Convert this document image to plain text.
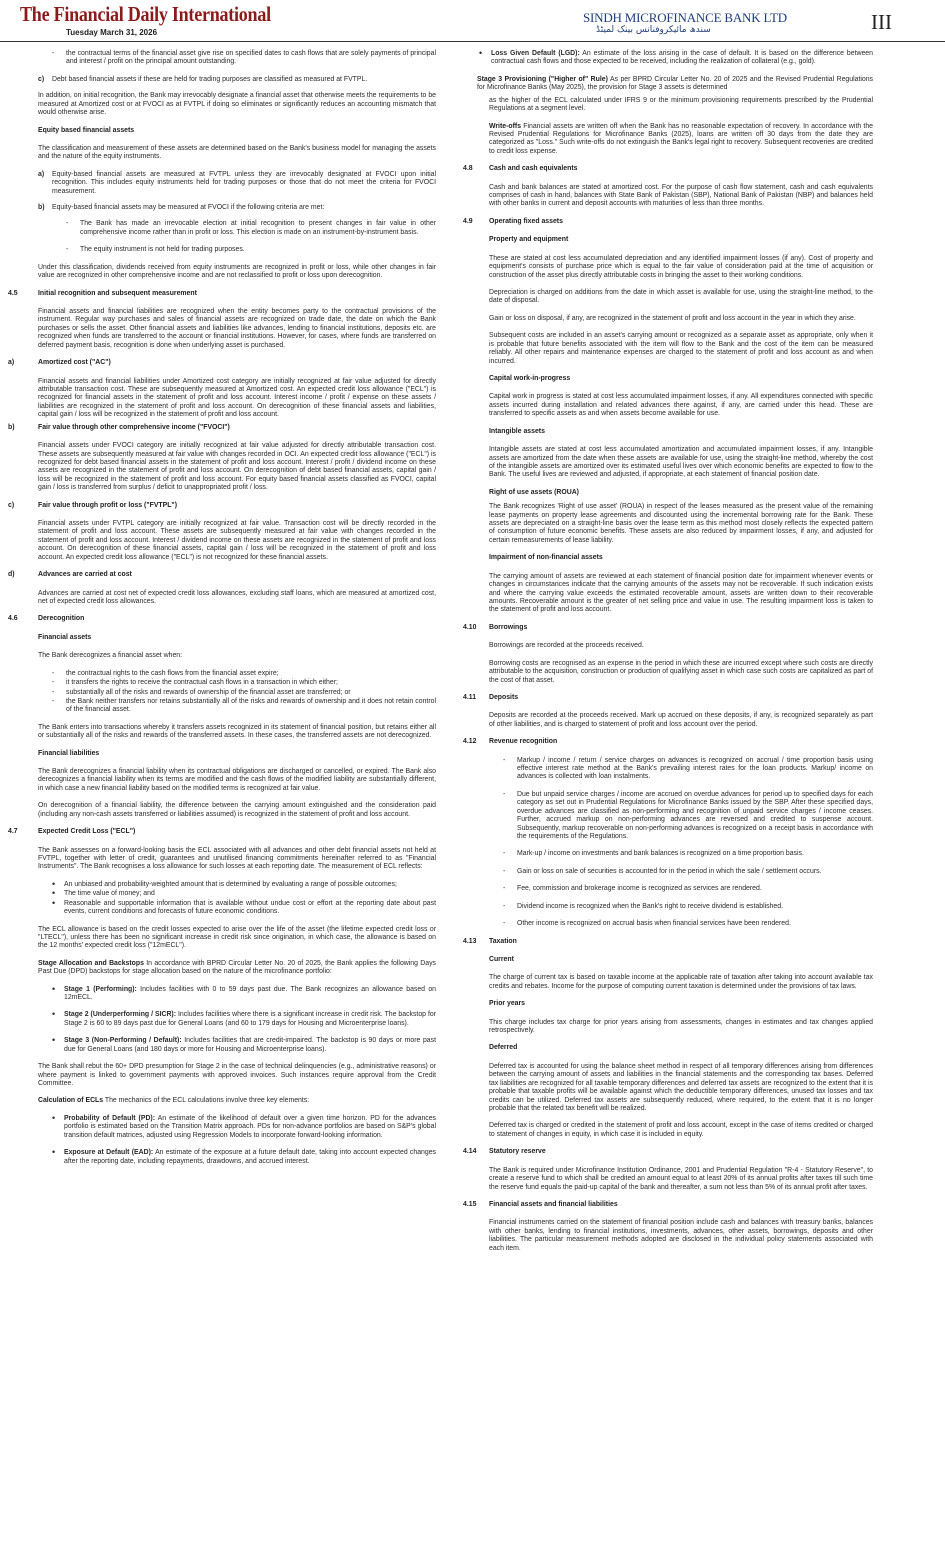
The Financial Daily International
Tuesday March 31, 2026
SINDH MICROFINANCE BANK LTD
سندھ مائیکروفنانس بینک لمیٹڈ	III
-	the contractual terms of the financial asset give rise on specified dates to cash flows that are solely payments of principal and interest / profit on the principal amount outstanding.
c)	Debt based financial assets if these are held for trading purposes are classified as measured at FVTPL.
In addition, on initial recognition, the Bank may irrevocably designate a financial asset that otherwise meets the requirements to be measured at Amortized cost or at FVOCI as at FVTPL if doing so eliminates or significantly reduces an accounting mismatch that would otherwise arise.
Equity based financial assets
The classification and measurement of these assets are determined based on the Bank's business model for managing the assets and the nature of the equity instruments.
a)	Equity-based financial assets are measured at FVTPL unless they are irrevocably designated at FVOCI upon initial recognition. This includes equity instruments held for trading purposes or those that do not meet the criteria for FVOCI measurement.
b)	Equity-based financial assets may be measured at FVOCI if the following criteria are met:
-	The Bank has made an irrevocable election at initial recognition to present changes in fair value in other comprehensive income rather than in profit or loss. This election is made on an instrument-by-instrument basis.
-	The equity instrument is not held for trading purposes.
Under this classification, dividends received from equity instruments are recognized in profit or loss, while other changes in fair value are recognized in other comprehensive income and are not reclassified to profit or loss upon derecognition.
4.5	Initial recognition and subsequent measurement
Financial assets and financial liabilities are recognized when the entity becomes party to the contractual provisions of the instrument. Regular way purchases and sales of financial assets are recognized on trade date, the date on which the Bank purchases or sells the asset. Other financial assets and liabilities like advances, lending to financial institutions, deposits etc. are recognized when funds are transferred to the account or financial institutions. However, for cases, where funds are transferred on deferred payment basis, recognition is done when underlying asset is purchased.
a)	Amortized cost ("AC")
Financial assets and financial liabilities under Amortized cost category are initially recognized at fair value adjusted for directly attributable transaction cost. These are subsequently measured at Amortized cost. An expected credit loss allowance ("ECL") is recognized for financial assets in the statement of profit and loss account. Interest income / profit / expense on these assets / liabilities are recognized in the statement of profit and loss account. On derecognition of these financial assets and liabilities, capital gain / loss will be recognized in the statement of profit and loss account.
b)	Fair value through other comprehensive income ("FVOCI")
Financial assets under FVOCI category are initially recognized at fair value adjusted for directly attributable transaction cost. These assets are subsequently measured at fair value with changes recorded in OCI. An expected credit loss allowance ("ECL") is recognized for debt based financial assets in the statement of profit and loss account. Interest / profit / dividend income on these assets are recognized in the statement of profit and loss account. On derecognition of debt based financial assets, capital gain / loss will be recognized in the statement of profit and loss account. For equity based financial assets classified as FVOCI, capital gain / loss is transferred from surplus / deficit to unappropriated profit / loss.
c)	Fair value through profit or loss ("FVTPL")
Financial assets under FVTPL category are initially recognized at fair value. Transaction cost will be directly recorded in the statement of profit and loss account. These assets are subsequently measured at fair value with changes recorded in the statement of profit and loss account. Interest / dividend income on these assets are recognized in the statement of profit and loss account. On derecognition of these financial assets, capital gain / loss will be recognized in the statement of profit and loss account. An expected credit loss allowance ("ECL") is not recognized for these financial assets.
d)	Advances are carried at cost
Advances are carried at cost net of expected credit loss allowances, excluding staff loans, which are measured at amortized cost, net of expected credit loss allowances.
4.6	Derecognition
Financial assets
The Bank derecognizes a financial asset when:
-	the contractual rights to the cash flows from the financial asset expire;
-	it transfers the rights to receive the contractual cash flows in a transaction in which either;
-	substantially all of the risks and rewards of ownership of the financial asset are transferred; or
-	the Bank neither transfers nor retains substantially all of the risks and rewards of ownership and it does not retain control of the financial asset.
The Bank enters into transactions whereby it transfers assets recognized in its statement of financial position, but retains either all or substantially all of the risks and rewards of the transferred assets. In these cases, the transferred assets are not derecognized.
Financial liabilities
The Bank derecognizes a financial liability when its contractual obligations are discharged or cancelled, or expired. The Bank also derecognizes a financial liability when its terms are modified and the cash flows of the modified liability are substantially different, in which case a new financial liability based on the modified terms is recognized at fair value.
On derecognition of a financial liability, the difference between the carrying amount extinguished and the consideration paid (including any non-cash assets transferred or liabilities assumed) is recognized in the statement of profit and loss account.
4.7	Expected Credit Loss ("ECL")
The Bank assesses on a forward-looking basis the ECL associated with all advances and other debt financial assets not held at FVTPL, together with letter of credit, guarantees and unutilised financing commitments hereinafter referred to as "Financial Instruments". The Bank recognises a loss allowance for such losses at each reporting date. The measurement of ECL reflects:
•	An unbiased and probability-weighted amount that is determined by evaluating a range of possible outcomes;
•	The time value of money; and
•	Reasonable and supportable information that is available without undue cost or effort at the reporting date about past events, current conditions and forecasts of future economic conditions.
The ECL allowance is based on the credit losses expected to arise over the life of the asset (the lifetime expected credit loss or "LTECL"), unless there has been no significant increase in credit risk since origination, in which case, the allowance is based on the 12 months' expected credit loss ("12mECL").
Stage Allocation and Backstops In accordance with BPRD Circular Letter No. 20 of 2025, the Bank applies the following Days Past Due (DPD) backstops for stage allocation based on the nature of the microfinance portfolio:
•	Stage 1 (Performing): Includes facilities with 0 to 59 days past due. The Bank recognizes an allowance based on 12mECL.
•	Stage 2 (Underperforming / SICR): Includes facilities where there is a significant increase in credit risk. The backstop for Stage 2 is 60 to 89 days past due for General Loans (and 60 to 179 days for Housing and Microenterprise loans).
•	Stage 3 (Non-Performing / Default): Includes facilities that are credit-impaired. The backstop is 90 days or more past due for General Loans (and 180 days or more for Housing and Microenterprise loans).
The Bank shall rebut the 60+ DPD presumption for Stage 2 in the case of technical delinquencies (e.g., administrative reasons) or where payment is linked to government payments with approved invoices. Such instances require approval from the Credit Committee.
Calculation of ECLs The mechanics of the ECL calculations involve three key elements:
•	Probability of Default (PD): An estimate of the likelihood of default over a given time horizon. PD for the advances portfolio is estimated based on the Transition Matrix approach. PDs for non-advance portfolios are based on S&P's global transition default matrices, adjusted using Regression Models to incorporate forward-looking information.
•	Exposure at Default (EAD): An estimate of the exposure at a future default date, taking into account expected changes after the reporting date, including repayments, drawdowns, and accrued interest.
•	Loss Given Default (LGD): An estimate of the loss arising in the case of default. It is based on the difference between contractual cash flows and those expected to be received, including the realization of collateral (e.g., gold).
Stage 3 Provisioning ("Higher of" Rule) As per BPRD Circular Letter No. 20 of 2025 and the Revised Prudential Regulations for Microfinance Banks (May 2025), the provision for Stage 3 assets is determined
as the higher of the ECL calculated under IFRS 9 or the minimum provisioning requirements prescribed by the Prudential Regulations at a segment level.
Write-offs Financial assets are written off when the Bank has no reasonable expectation of recovery. In accordance with the Revised Prudential Regulations for Microfinance Banks (2025), loans are written off 30 days from the date they are categorized as "Loss." Such write-offs do not extinguish the Bank's legal right to recovery. Subsequent recoveries are credited to credit loss expense.
4.8	Cash and cash equivalents
Cash and bank balances are stated at amortized cost. For the purpose of cash flow statement, cash and cash equivalents comprises of cash in hand, balances with State Bank of Pakistan (SBP), National Bank of Pakistan (NBP) and balances held with other banks in current and deposit accounts with maturities of less than three months.
4.9	Operating fixed assets
Property and equipment
These are stated at cost less accumulated depreciation and any identified impairment losses (if any). Cost of property and equipment's consists of purchase price which is equal to the fair value of consideration paid at the time of acquisition or construction of the asset plus directly attributable costs in bringing the asset to their working conditions.
Depreciation is charged on additions from the date in which asset is available for use, using the straight-line method, to the date of disposal.
Gain or loss on disposal, if any, are recognized in the statement of profit and loss account in the year in which they arise.
Subsequent costs are included in an asset's carrying amount or recognized as a separate asset as appropriate, only when it is probable that future benefits associated with the item will flow to the Bank and the cost of the item can be measured reliably. All other repairs and maintenance expenses are charged to the statement of profit and loss account as and when incurred.
Capital work-in-progress
Capital work in progress is stated at cost less accumulated impairment losses, if any. All expenditures connected with specific assets incurred during installation and related advances there against, if any, are carried under this head. These are transferred to specific assets as and when assets become available for use.
Intangible assets
Intangible assets are stated at cost less accumulated amortization and accumulated impairment losses, if any. Intangible assets are amortized from the date when these assets are available for use, using the straight-line method, whereby the cost of the intangible assets are amortized over its estimated useful lives over which economic benefits are expected to flow to the Bank. The useful lives are reviewed and adjusted, if appropriate, at each statement of financial position date.
Right of use assets (ROUA)
The Bank recognizes 'Right of use asset' (ROUA) in respect of the leases measured as the present value of the remaining lease payments on property lease agreements and discounted using the incremental borrowing rate for the Bank. These assets are depreciated on a straight-line basis over the lease term as this method most closely reflects the expected pattern of consumption of future economic benefits. These assets are also reduced by impairment losses, if any, and adjusted for certain remeasurements of lease liability.
Impairment of non-financial assets
The carrying amount of assets are reviewed at each statement of financial position date for impairment whenever events or changes in circumstances indicate that the carrying amounts of the assets may not be recoverable. If such indication exists and where the carrying value exceeds the estimated recoverable amount, assets are written down to their recoverable amounts. Recoverable amount is the greater of net selling price and value in use. The resulting impairment loss is taken to the statement of profit and loss account.
4.10	Borrowings
Borrowings are recorded at the proceeds received.
Borrowing costs are recognised as an expense in the period in which these are incurred except where such costs are directly attributable to the acquisition, construction or production of qualifying asset in which case such costs are capitalized as part of the cost of that asset.
4.11	Deposits
Deposits are recorded at the proceeds received. Mark up accrued on these deposits, if any, is recognized separately as part of other liabilities, and is charged to statement of profit and loss account over the period.
4.12	Revenue recognition
-	Markup / income / return / service charges on advances is recognized on accrual / time proportion basis using effective interest rate method at the Bank's prevailing interest rates for the loan products. Markup/ income on advances is collected with loan instalments.
-	Due but unpaid service charges / income are accrued on overdue advances for period up to specified days for each category as set out in Prudential Regulations for Microfinance Banks issued by the SBP. After these specified days, overdue advances are classified as non-performing and recognition of unpaid service charges / income ceases. Further, accrued markup on non-performing advances are reversed and credited to suspense account. Subsequently, markup recoverable on non-performing advances is recognized on a receipt basis in accordance with the requirements of the Regulations.
-	Mark-up / income on investments and bank balances is recognized on a time proportion basis.
-	Gain or loss on sale of securities is accounted for in the period in which the sale / settlement occurs.
-	Fee, commission and brokerage income is recognized as services are rendered.
-	Dividend income is recognized when the Bank's right to receive dividend is established.
-	Other income is recognized on accrual basis when financial services have been rendered.
4.13	Taxation
Current
The charge of current tax is based on taxable income at the applicable rate of taxation after taking into account available tax credits and rebates. Income for the purpose of computing current taxation is determined under the provisions of tax laws.
Prior years
This charge includes tax charge for prior years arising from assessments, changes in estimates and tax changes applied retrospectively.
Deferred
Deferred tax is accounted for using the balance sheet method in respect of all temporary differences arising from differences between the carrying amount of assets and liabilities in the financial statements and the corresponding tax bases. Deferred tax liabilities are recognized for all taxable temporary differences and deferred tax assets are recognized to the extent that it is probable that taxable profits will be available against which the deductible temporary differences, unused tax losses and tax credits can be utilized. Deferred tax assets are subsequently reduced, where required, to the extent that it is no longer probable that the related tax benefit will be realized.
Deferred tax is charged or credited in the statement of profit and loss account, except in the case of items credited or charged to statement of changes in equity, in which case it is included in equity.
4.14	Statutory reserve
The Bank is required under Microfinance Institution Ordinance, 2001 and Prudential Regulation "R-4 - Statutory Reserve", to create a reserve fund to which shall be credited an amount equal to at least 20% of its annual profits after taxes till such time the reserve fund equals the paid-up capital of the bank and thereafter, a sum not less than 5% of its annual profit after taxes.
4.15	Financial assets and financial liabilities
Financial instruments carried on the statement of financial position include cash and balances with treasury banks, balances with other banks, lending to financial institutions, investments, advances, other assets, borrowings, deposits and other liabilities. The particular measurement methods adopted are disclosed in the individual policy statements associated with each item.
